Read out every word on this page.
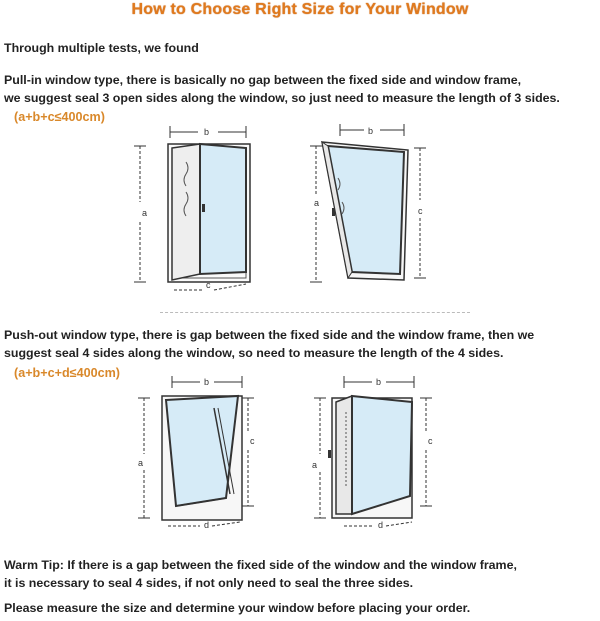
How to Choose Right Size for Your Window
Through multiple tests, we found
Pull-in window type, there is basically no gap between the fixed side and window frame,
we suggest seal 3 open sides along the window, so just need to measure the length of 3 sides.
(a+b+c≤400cm)
b
a
c
b
a
c
Push-out window type, there is gap between the fixed side and the window frame, then we
suggest seal 4 sides along the window, so need to measure the length of the 4 sides.
(a+b+c+d≤400cm)
b
a
c
d
b
a
c
d
Warm Tip: If there is a gap between the fixed side of the window and the window frame,
it is necessary to seal 4 sides, if not only need to seal the three sides.
Please measure the size and determine your window before placing your order.
